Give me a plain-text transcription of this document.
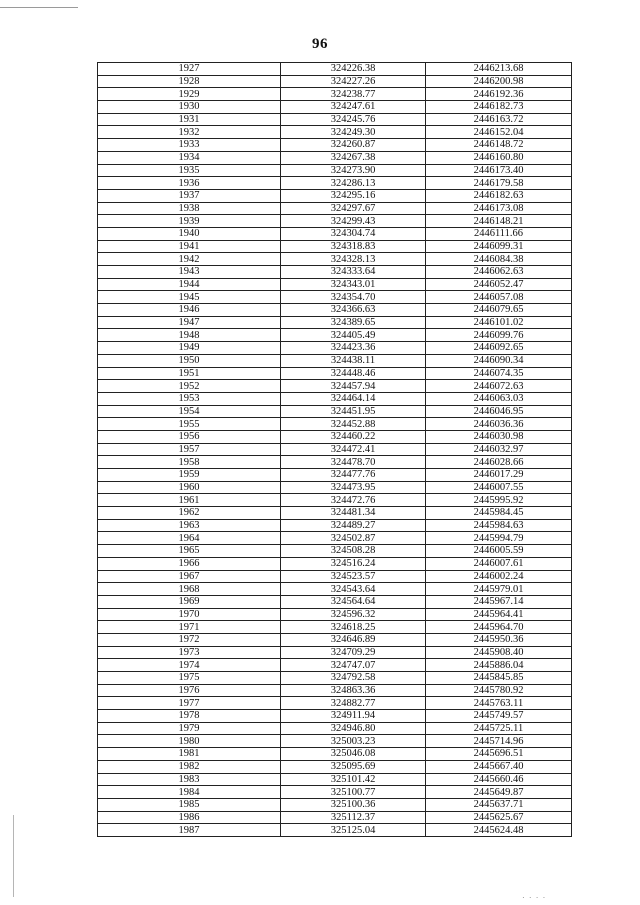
96
1927	324226.38	2446213.68
1928	324227.26	2446200.98
1929	324238.77	2446192.36
1930	324247.61	2446182.73
1931	324245.76	2446163.72
1932	324249.30	2446152.04
1933	324260.87	2446148.72
1934	324267.38	2446160.80
1935	324273.90	2446173.40
1936	324286.13	2446179.58
1937	324295.16	2446182.63
1938	324297.67	2446173.08
1939	324299.43	2446148.21
1940	324304.74	2446111.66
1941	324318.83	2446099.31
1942	324328.13	2446084.38
1943	324333.64	2446062.63
1944	324343.01	2446052.47
1945	324354.70	2446057.08
1946	324366.63	2446079.65
1947	324389.65	2446101.02
1948	324405.49	2446099.76
1949	324423.36	2446092.65
1950	324438.11	2446090.34
1951	324448.46	2446074.35
1952	324457.94	2446072.63
1953	324464.14	2446063.03
1954	324451.95	2446046.95
1955	324452.88	2446036.36
1956	324460.22	2446030.98
1957	324472.41	2446032.97
1958	324478.70	2446028.66
1959	324477.76	2446017.29
1960	324473.95	2446007.55
1961	324472.76	2445995.92
1962	324481.34	2445984.45
1963	324489.27	2445984.63
1964	324502.87	2445994.79
1965	324508.28	2446005.59
1966	324516.24	2446007.61
1967	324523.57	2446002.24
1968	324543.64	2445979.01
1969	324564.64	2445967.14
1970	324596.32	2445964.41
1971	324618.25	2445964.70
1972	324646.89	2445950.36
1973	324709.29	2445908.40
1974	324747.07	2445886.04
1975	324792.58	2445845.85
1976	324863.36	2445780.92
1977	324882.77	2445763.11
1978	324911.94	2445749.57
1979	324946.80	2445725.11
1980	325003.23	2445714.96
1981	325046.08	2445696.51
1982	325095.69	2445667.40
1983	325101.42	2445660.46
1984	325100.77	2445649.87
1985	325100.36	2445637.71
1986	325112.37	2445625.67
1987	325125.04	2445624.48
· · · ·
